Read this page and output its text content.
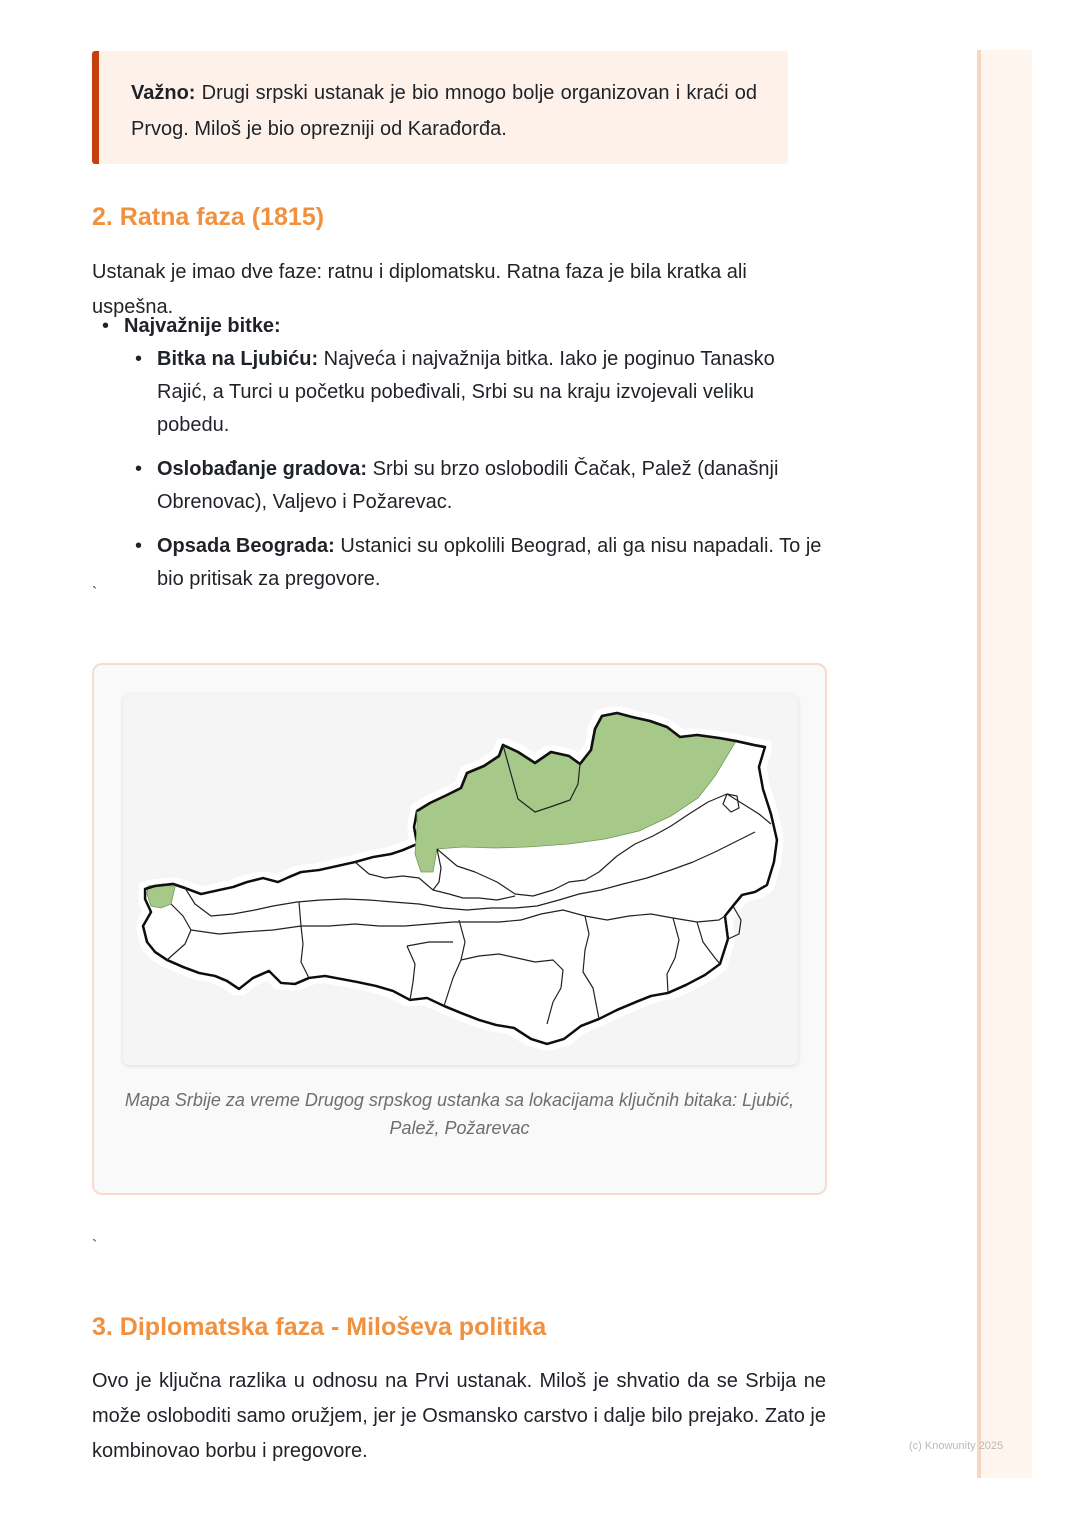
Važno: Drugi srpski ustanak je bio mnogo bolje organizovan i kraći od Prvog. Miloš je bio oprezniji od Karađorđa.

2. Ratna faza (1815)

Ustanak je imao dve faze: ratnu i diplomatsku. Ratna faza je bila kratka ali uspešna.

• Najvažnije bitke:
• Bitka na Ljubiću: Najveća i najvažnija bitka. Iako je poginuo Tanasko Rajić, a Turci u početku pobeđivali, Srbi su na kraju izvojevali veliku pobedu.
• Oslobađanje gradova: Srbi su brzo oslobodili Čačak, Palež (današnji Obrenovac), Valjevo i Požarevac.
• Opsada Beograda: Ustanici su opkolili Beograd, ali ga nisu napadali. To je bio pritisak za pregovore.
`

Mapa Srbije za vreme Drugog srpskog ustanka sa lokacijama ključnih bitaka: Ljubić, Palež, Požarevac

`
3. Diplomatska faza - Miloševa politika

Ovo je ključna razlika u odnosu na Prvi ustanak. Miloš je shvatio da se Srbija ne može osloboditi samo oružjem, jer je Osmansko carstvo i dalje bilo prejako. Zato je kombinovao borbu i pregovore.	(c) Knowunity 2025
